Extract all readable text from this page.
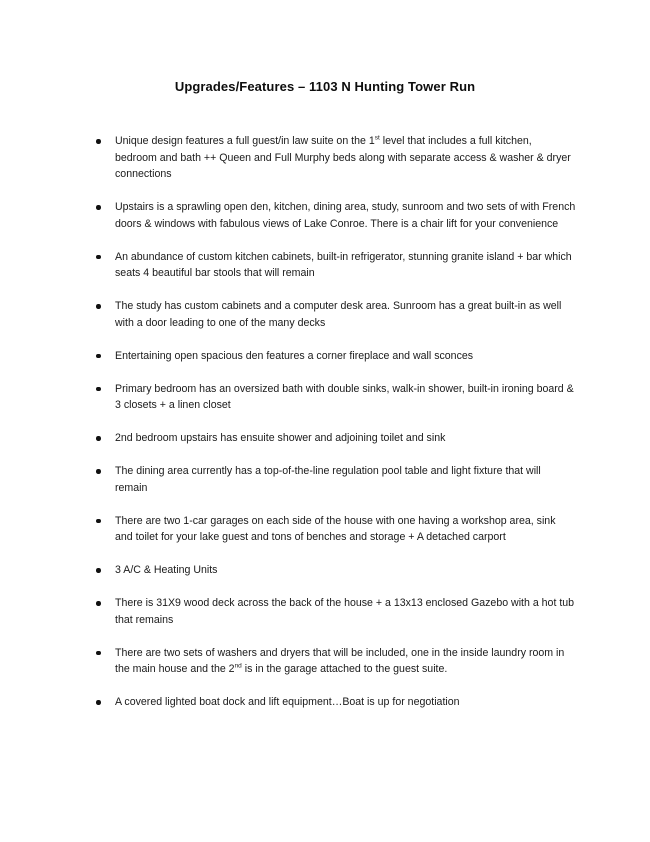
Upgrades/Features – 1103 N Hunting Tower Run
Unique design features a full guest/in law suite on the 1st level that includes a full kitchen, bedroom and bath ++ Queen and Full Murphy beds along with separate access & washer & dryer connections
Upstairs is a sprawling open den, kitchen, dining area, study, sunroom and two sets of with French doors & windows with fabulous views of Lake Conroe. There is a chair lift for your convenience
An abundance of custom kitchen cabinets, built-in refrigerator, stunning granite island + bar which seats 4 beautiful bar stools that will remain
The study has custom cabinets and a computer desk area. Sunroom has a great built-in as well with a door leading to one of the many decks
Entertaining open spacious den features a corner fireplace and wall sconces
Primary bedroom has an oversized bath with double sinks, walk-in shower, built-in ironing board & 3 closets + a linen closet
2nd bedroom upstairs has ensuite shower and adjoining toilet and sink
The dining area currently has a top-of-the-line regulation pool table and light fixture that will remain
There are two 1-car garages on each side of the house with one having a workshop area, sink and toilet for your lake guest and tons of benches and storage + A detached carport
3 A/C & Heating Units
There is 31X9 wood deck across the back of the house + a 13x13 enclosed Gazebo with a hot tub that remains
There are two sets of washers and dryers that will be included, one in the inside laundry room in the main house and the 2nd is in the garage attached to the guest suite.
A covered lighted boat dock and lift equipment…Boat is up for negotiation
